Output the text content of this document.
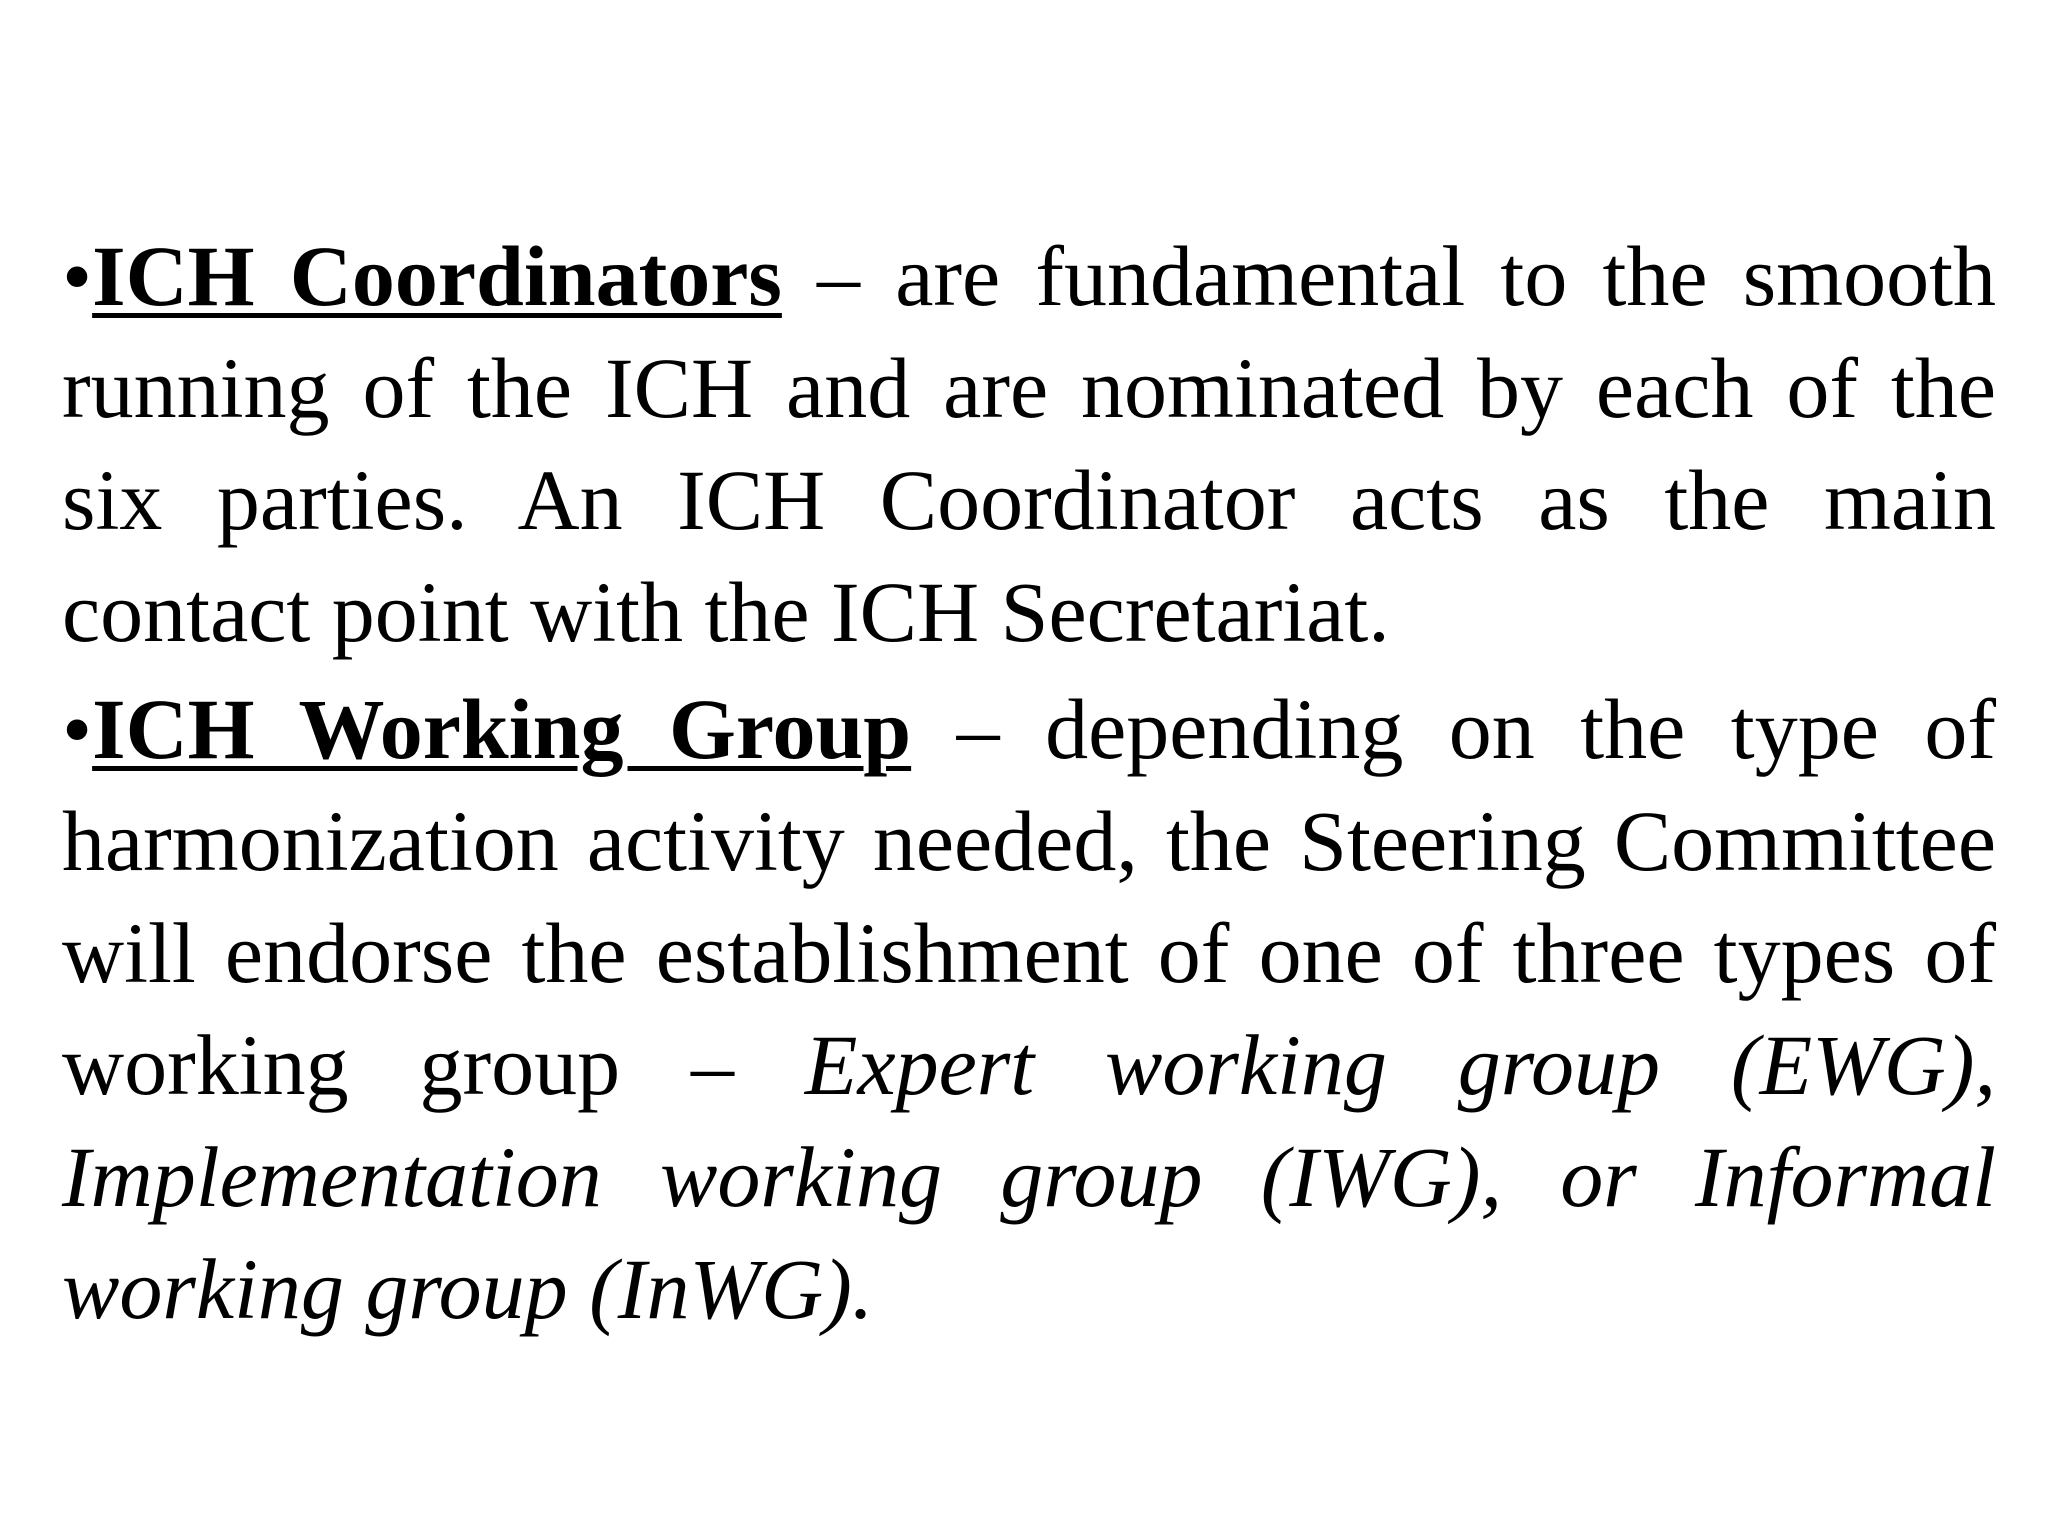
•ICH Coordinators – are fundamental to the smooth running of the ICH and are nominated by each of the six parties. An ICH Coordinator acts as the main contact point with the ICH Secretariat.

•ICH Working Group – depending on the type of harmonization activity needed, the Steering Committee will endorse the establishment of one of three types of working group – Expert working group (EWG), Implementation working group (IWG), or Informal working group (InWG).
